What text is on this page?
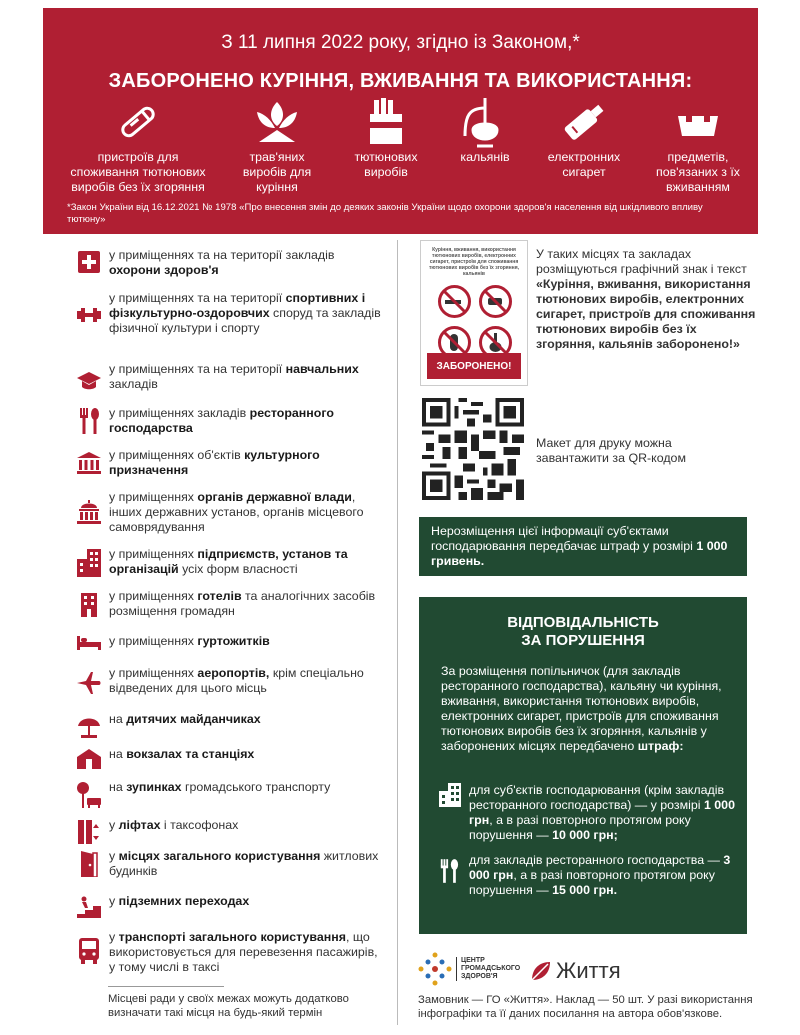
З 11 липня 2022 року, згідно із Законом,*
ЗАБОРОНЕНО КУРІННЯ, ВЖИВАННЯ ТА ВИКОРИСТАННЯ:
пристроїв для споживання тютюнових виробів без їх згоряння
трав'яних виробів для куріння
тютюнових виробів
кальянів	електронних сигарет
предметів, пов'язаних з їх вживанням
*Закон України від 16.12.2021 № 1978 «Про внесення змін до деяких законів України щодо охорони здоров'я населення від шкідливого впливу тютюну»
у приміщеннях та на території закладів охорони здоров'я
у приміщеннях та на території спортивних і фізкультурно-оздоровчих споруд та закладів фізичної культури і спорту
у приміщеннях та на території навчальних закладів
у приміщеннях закладів ресторанного господарства
у приміщеннях об'єктів культурного призначення
у приміщеннях органів державної влади, інших державних установ, органів місцевого самоврядування
у приміщеннях підприємств, установ та організацій усіх форм власності
у приміщеннях готелів та аналогічних засобів розміщення громадян
у приміщеннях гуртожитків
у приміщеннях аеропортів, крім спеціально відведених для цього місць
на дитячих майданчиках
на вокзалах та станціях
на зупинках громадського транспорту
у ліфтах і таксофонах
у місцях загального користування житлових будинків
у підземних переходах
у транспорті загального користування, що використовується для перевезення пасажирів, у тому числі в таксі
Місцеві ради у своїх межах можуть додатково визначати такі місця на будь-який термін
Куріння, вживання, використання тютюнових виробів, електронних сигарет, пристроїв для споживання тютюнових виробів без їх згоряння, кальянів
ЗАБОРОНЕНО!
У таких місцях та закладах розміщуються графічний знак і текст «Куріння, вживання, використання тютюнових виробів, електронних сигарет, пристроїв для споживання тютюнових виробів без їх згоряння, кальянів заборонено!»
Макет для друку можна завантажити за QR-кодом
Нерозміщення цієї інформації суб'єктами господарювання передбачає штраф у розмірі 1 000 гривень.
ВІДПОВІДАЛЬНІСТЬ
ЗА ПОРУШЕННЯ
За розміщення попільничок (для закладів ресторанного господарства), кальяну чи куріння, вживання, використання тютюнових виробів, електронних сигарет, пристроїв для споживання тютюнових виробів без їх згоряння, кальянів у заборонених місцях передбачено штраф:
для суб'єктів господарювання (крім закладів ресторанного господарства) — у розмірі 1 000 грн, а в разі повторного протягом року порушення — 10 000 грн;
для закладів ресторанного господарства — 3 000 грн, а в разі повторного протягом року порушення — 15 000 грн.
ЦЕНТР
ГРОМАДСЬКОГО
ЗДОРОВ'Я	Життя
Замовник — ГО «Життя». Наклад — 50 шт. У разі використання інфографіки та її даних посилання на автора обов'язкове.
